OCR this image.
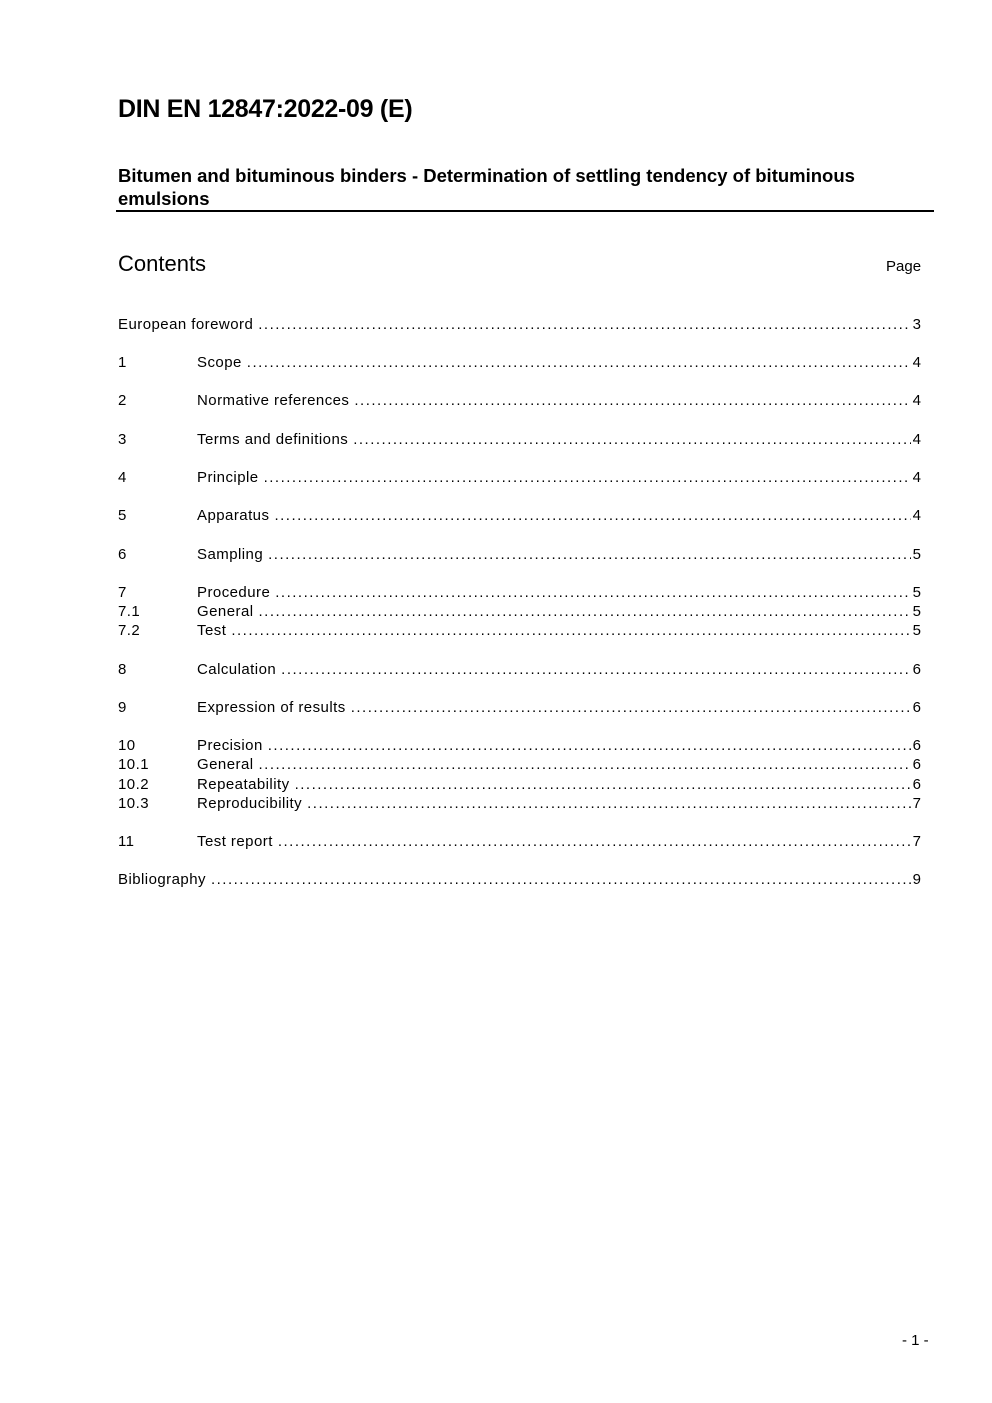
DIN EN 12847:2022-09 (E)
Bitumen and bituminous binders - Determination of settling tendency of bituminous emulsions
Contents	Page
European foreword .....	3
1	Scope .....	4
2	Normative references .....	4
3	Terms and definitions .....	4
4	Principle .....	4
5	Apparatus .....	4
6	Sampling .....	5
7	Procedure .....	5
7.1	General .....	5
7.2	Test .....	5
8	Calculation .....	6
9	Expression of results .....	6
10	Precision .....	6
10.1	General .....	6
10.2	Repeatability .....	6
10.3	Reproducibility .....	7
11	Test report .....	7
Bibliography .....	9
- 1 -
